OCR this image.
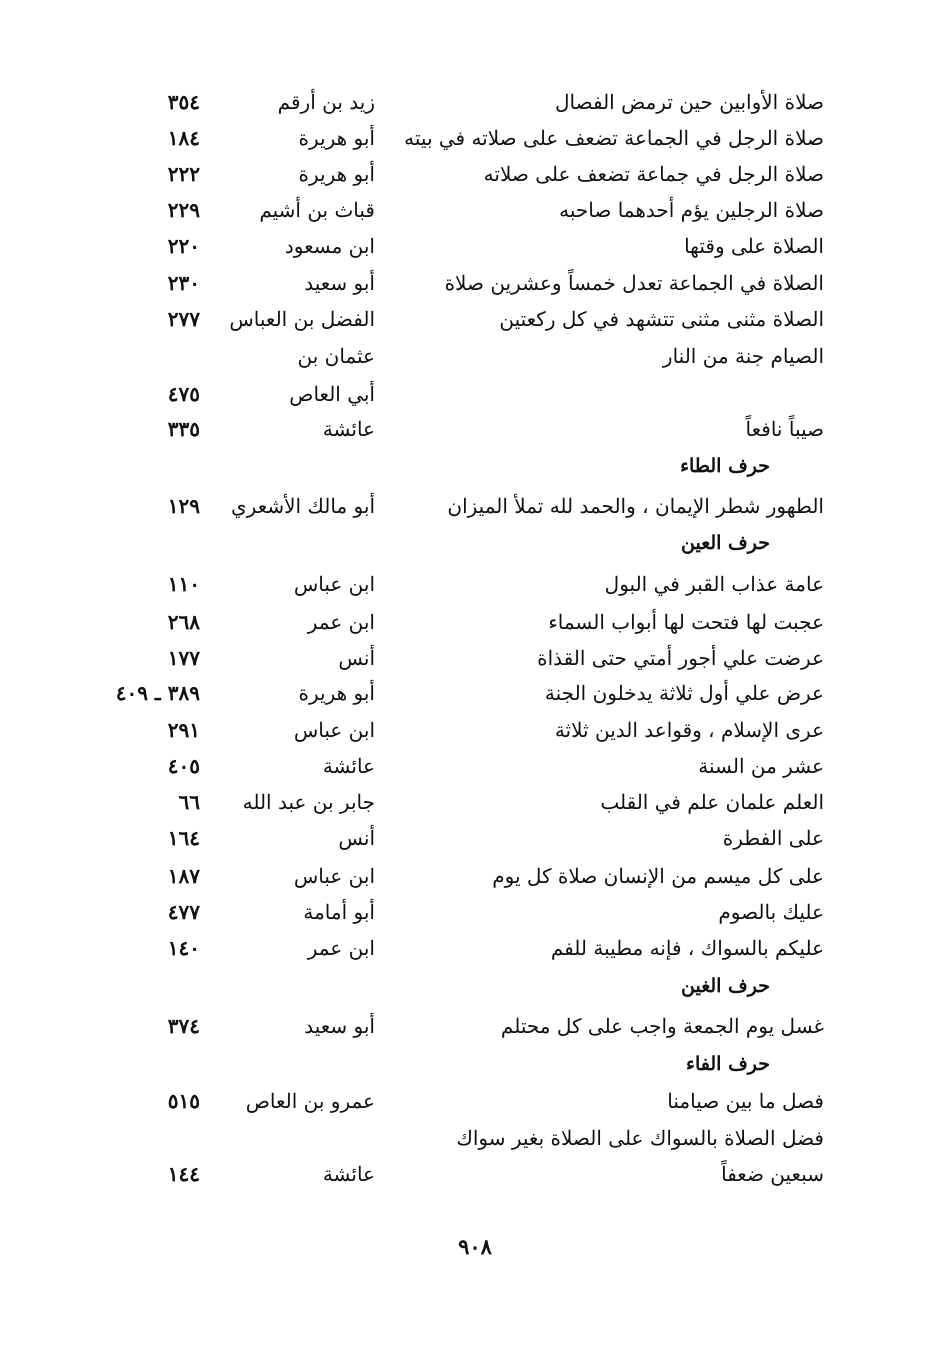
صلاة الأوابين حين ترمض الفصال
زيد بن أرقم
٣٥٤
صلاة الرجل في الجماعة تضعف على صلاته في بيته
أبو هريرة
١٨٤
صلاة الرجل في جماعة تضعف على صلاته
أبو هريرة
٢٢٢
صلاة الرجلين يؤم أحدهما صاحبه
قباث بن أشيم
٢٢٩
الصلاة على وقتها
ابن مسعود
٢٢٠
الصلاة في الجماعة تعدل خمساً وعشرين صلاة
أبو سعيد
٢٣٠
الصلاة مثنى مثنى تتشهد في كل ركعتين
الفضل بن العباس
٢٧٧
الصيام جنة من النار
عثمان بن
أبي العاص
٤٧٥
صيباً نافعاً
عائشة
٣٣٥
حرف الطاء
الطهور شطر الإيمان ، والحمد لله تملأ الميزان
أبو مالك الأشعري
١٢٩
حرف العين
عامة عذاب القبر في البول
ابن عباس
١١٠
عجبت لها فتحت لها أبواب السماء
ابن عمر
٢٦٨
عرضت علي أجور أمتي حتى القذاة
أنس
١٧٧
عرض علي أول ثلاثة يدخلون الجنة
أبو هريرة
٣٨٩ ـ ٤٠٩
عرى الإسلام ، وقواعد الدين ثلاثة
ابن عباس
٢٩١
عشر من السنة
عائشة
٤٠٥
العلم علمان علم في القلب
جابر بن عبد الله
٦٦
على الفطرة
أنس
١٦٤
على كل ميسم من الإنسان صلاة كل يوم
ابن عباس
١٨٧
عليك بالصوم
أبو أمامة
٤٧٧
عليكم بالسواك ، فإنه مطيبة للفم
ابن عمر
١٤٠
حرف الغين
غسل يوم الجمعة واجب على كل محتلم
أبو سعيد
٣٧٤
حرف الفاء
فصل ما بين صيامنا
عمرو بن العاص
٥١٥
فضل الصلاة بالسواك على الصلاة بغير سواك
سبعين ضعفاً
عائشة
١٤٤
٩٠٨
